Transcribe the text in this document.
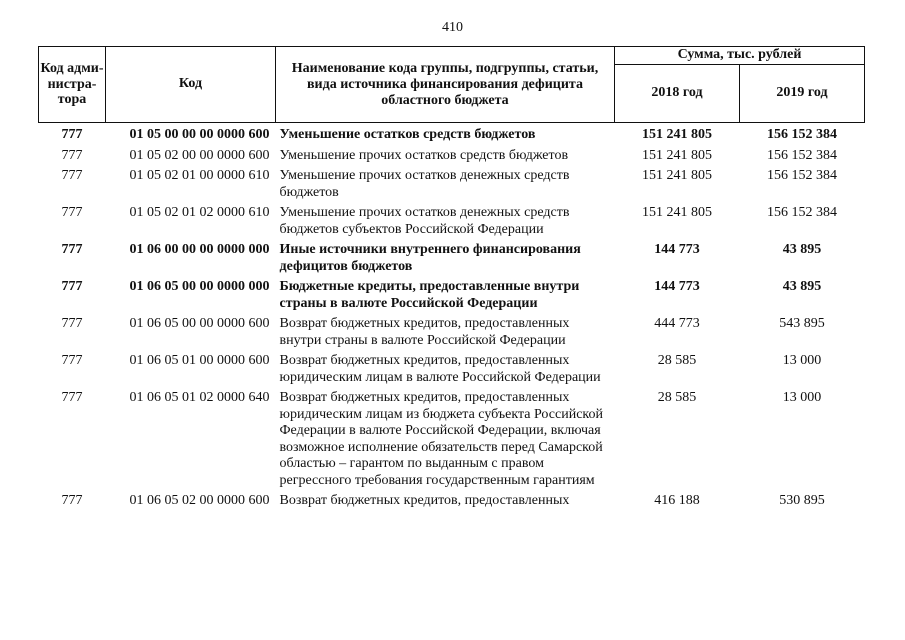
410
Код адми-нистра-тора	Код	Наименование кода группы, подгруппы, статьи, вида источника финансирования дефицита областного бюджета	Сумма, тыс. рублей	
			2018 год	2019 год
777	01 05 00 00 00 0000 600	Уменьшение остатков средств бюджетов	151 241 805	156 152 384
777	01 05 02 00 00 0000 600	Уменьшение прочих остатков средств бюджетов	151 241 805	156 152 384
777	01 05 02 01 00 0000 610	Уменьшение прочих остатков денежных средств бюджетов	151 241 805	156 152 384
777	01 05 02 01 02 0000 610	Уменьшение прочих остатков денежных средств бюджетов субъектов Российской Федерации	151 241 805	156 152 384
777	01 06 00 00 00 0000 000	Иные источники внутреннего финансирования дефицитов бюджетов	144 773	43 895
777	01 06 05 00 00 0000 000	Бюджетные кредиты, предоставленные внутри страны в валюте Российской Федерации	144 773	43 895
777	01 06 05 00 00 0000 600	Возврат бюджетных кредитов, предоставленных внутри страны в валюте Российской Федерации	444 773	543 895
777	01 06 05 01 00 0000 600	Возврат бюджетных кредитов, предоставленных юридическим лицам в валюте Российской Федерации	28 585	13 000
777	01 06 05 01 02 0000 640	Возврат бюджетных кредитов, предоставленных юридическим лицам из бюджета субъекта Российской Федерации в валюте Российской Федерации, включая возможное исполнение обязательств перед Самарской областью – гарантом по выданным с правом регрессного требования государственным гарантиям	28 585	13 000
777	01 06 05 02 00 0000 600	Возврат бюджетных кредитов, предоставленных	416 188	530 895
